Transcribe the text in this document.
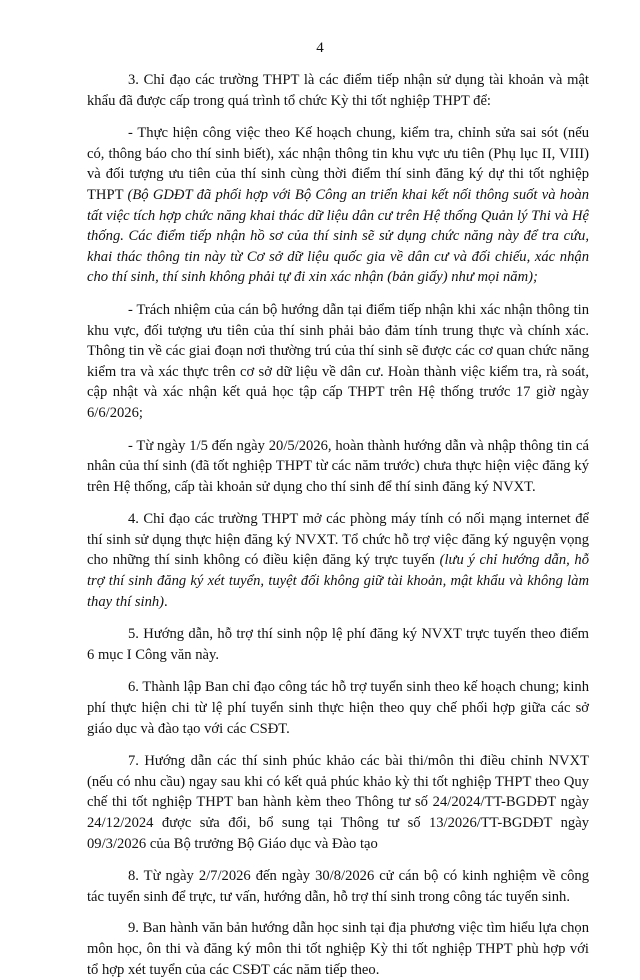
4

3. Chỉ đạo các trường THPT là các điểm tiếp nhận sử dụng tài khoản và mật khẩu đã được cấp trong quá trình tổ chức Kỳ thi tốt nghiệp THPT để:

- Thực hiện công việc theo Kế hoạch chung, kiểm tra, chỉnh sửa sai sót (nếu có, thông báo cho thí sinh biết), xác nhận thông tin khu vực ưu tiên (Phụ lục II, VIII) và đối tượng ưu tiên của thí sinh cùng thời điểm thí sinh đăng ký dự thi tốt nghiệp THPT (Bộ GDĐT đã phối hợp với Bộ Công an triển khai kết nối thông suốt và hoàn tất việc tích hợp chức năng khai thác dữ liệu dân cư trên Hệ thống Quản lý Thi và Hệ thống. Các điểm tiếp nhận hồ sơ của thí sinh sẽ sử dụng chức năng này để tra cứu, khai thác thông tin này từ Cơ sở dữ liệu quốc gia về dân cư và đối chiếu, xác nhận cho thí sinh, thí sinh không phải tự đi xin xác nhận (bản giấy) như mọi năm);

- Trách nhiệm của cán bộ hướng dẫn tại điểm tiếp nhận khi xác nhận thông tin khu vực, đối tượng ưu tiên của thí sinh phải bảo đảm tính trung thực và chính xác. Thông tin về các giai đoạn nơi thường trú của thí sinh sẽ được các cơ quan chức năng kiểm tra và xác thực trên cơ sở dữ liệu về dân cư. Hoàn thành việc kiểm tra, rà soát, cập nhật và xác nhận kết quả học tập cấp THPT trên Hệ thống trước 17 giờ ngày 6/6/2026;

- Từ ngày 1/5 đến ngày 20/5/2026, hoàn thành hướng dẫn và nhập thông tin cá nhân của thí sinh (đã tốt nghiệp THPT từ các năm trước) chưa thực hiện việc đăng ký trên Hệ thống, cấp tài khoản sử dụng cho thí sinh để thí sinh đăng ký NVXT.

4. Chỉ đạo các trường THPT mở các phòng máy tính có nối mạng internet để thí sinh sử dụng thực hiện đăng ký NVXT. Tổ chức hỗ trợ việc đăng ký nguyện vọng cho những thí sinh không có điều kiện đăng ký trực tuyến (lưu ý chỉ hướng dẫn, hỗ trợ thí sinh đăng ký xét tuyển, tuyệt đối không giữ tài khoản, mật khẩu và không làm thay thí sinh).

5. Hướng dẫn, hỗ trợ thí sinh nộp lệ phí đăng ký NVXT trực tuyến theo điểm 6 mục I Công văn này.

6. Thành lập Ban chỉ đạo công tác hỗ trợ tuyển sinh theo kế hoạch chung; kinh phí thực hiện chi từ lệ phí tuyển sinh thực hiện theo quy chế phối hợp giữa các sở giáo dục và đào tạo với các CSĐT.

7. Hướng dẫn các thí sinh phúc khảo các bài thi/môn thi điều chỉnh NVXT (nếu có nhu cầu) ngay sau khi có kết quả phúc khảo kỳ thi tốt nghiệp THPT theo Quy chế thi tốt nghiệp THPT ban hành kèm theo Thông tư số 24/2024/TT-BGDĐT ngày 24/12/2024 được sửa đổi, bổ sung tại Thông tư số 13/2026/TT-BGDĐT ngày 09/3/2026 của Bộ trưởng Bộ Giáo dục và Đào tạo

8. Từ ngày 2/7/2026 đến ngày 30/8/2026 cử cán bộ có kinh nghiệm về công tác tuyển sinh để trực, tư vấn, hướng dẫn, hỗ trợ thí sinh trong công tác tuyển sinh.

9. Ban hành văn bản hướng dẫn học sinh tại địa phương việc tìm hiểu lựa chọn môn học, ôn thi và đăng ký môn thi tốt nghiệp Kỳ thi tốt nghiệp THPT phù hợp với tổ hợp xét tuyển của các CSĐT các năm tiếp theo.
